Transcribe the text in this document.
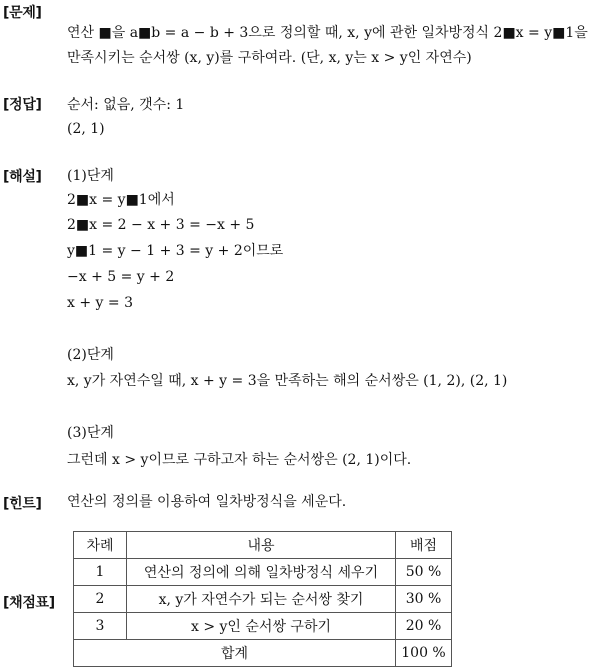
[문제]
[정답]
[해설]
[힌트]
[채점표]
연산 ■을 a■b = a − b + 3으로 정의할 때, x, y에 관한 일차방정식 2■x = y■1을
만족시키는 순서쌍 (x, y)를 구하여라. (단, x, y는 x > y인 자연수)
순서: 없음, 갯수: 1
(2, 1)
(1)단계
2■x = y■1에서
2■x = 2 − x + 3 = −x + 5
y■1 = y − 1 + 3 = y + 2이므로
−x + 5 = y + 2
x + y = 3
(2)단계
x, y가 자연수일 때, x + y = 3을 만족하는 해의 순서쌍은 (1, 2), (2, 1)
(3)단계
그런데 x > y이므로 구하고자 하는 순서쌍은 (2, 1)이다.
연산의 정의를 이용하여 일차방정식을 세운다.
차례	내용	배점
1	연산의 정의에 의해 일차방정식 세우기	50 %
2	x, y가 자연수가 되는 순서쌍 찾기	30 %
3	x > y인 순서쌍 구하기	20 %
합계		100 %
